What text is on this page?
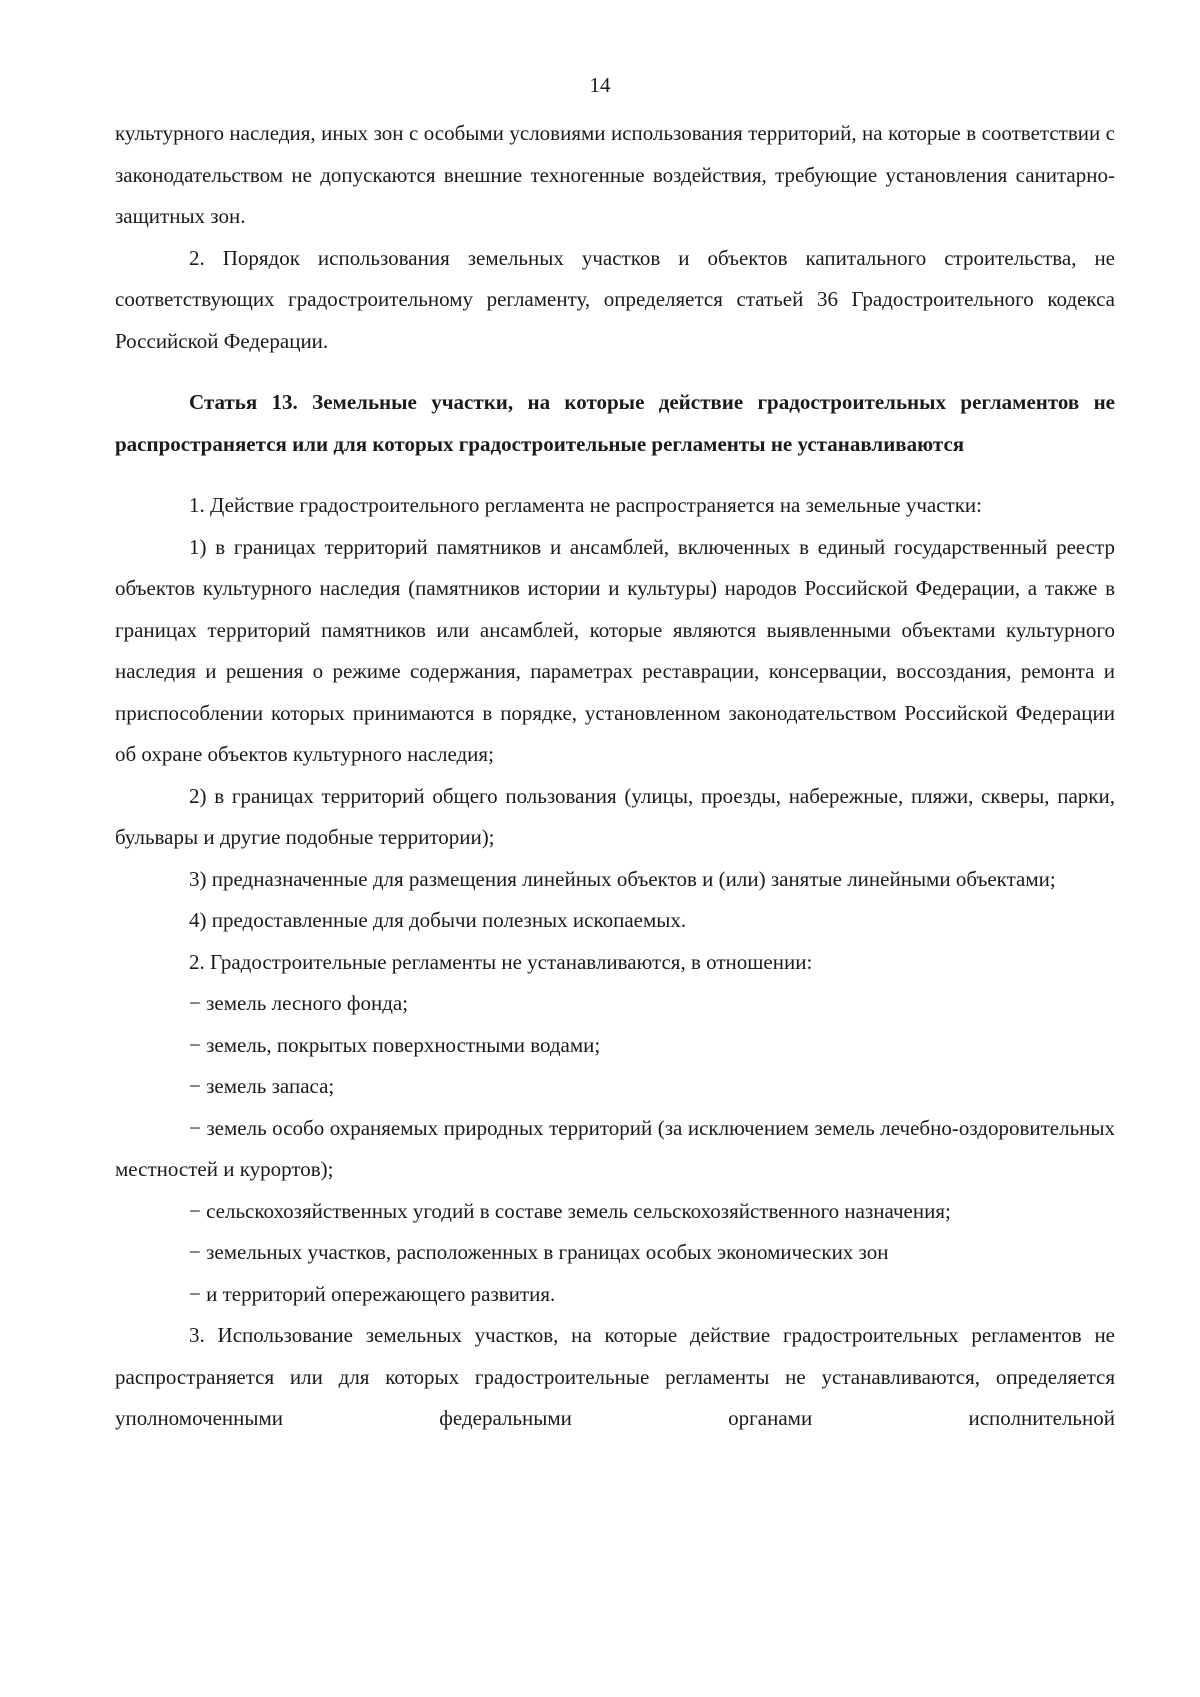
14

культурного наследия, иных зон с особыми условиями использования территорий, на которые в соответствии с законодательством не допускаются внешние техногенные воздействия, требующие установления санитарно-защитных зон.

2. Порядок использования земельных участков и объектов капитального строительства, не соответствующих градостроительному регламенту, определяется статьей 36 Градостроительного кодекса Российской Федерации.

Статья 13. Земельные участки, на которые действие градостроительных регламентов не распространяется или для которых градостроительные регламенты не устанавливаются

1. Действие градостроительного регламента не распространяется на земельные участки:

1) в границах территорий памятников и ансамблей, включенных в единый государственный реестр объектов культурного наследия (памятников истории и культуры) народов Российской Федерации, а также в границах территорий памятников или ансамблей, которые являются выявленными объектами культурного наследия и решения о режиме содержания, параметрах реставрации, консервации, воссоздания, ремонта и приспособлении которых принимаются в порядке, установленном законодательством Российской Федерации об охране объектов культурного наследия;

2) в границах территорий общего пользования (улицы, проезды, набережные, пляжи, скверы, парки, бульвары и другие подобные территории);

3) предназначенные для размещения линейных объектов и (или) занятые линейными объектами;

4) предоставленные для добычи полезных ископаемых.

2. Градостроительные регламенты не устанавливаются, в отношении:

− земель лесного фонда;

− земель, покрытых поверхностными водами;

− земель запаса;

− земель особо охраняемых природных территорий (за исключением земель лечебно-оздоровительных местностей и курортов);

− сельскохозяйственных угодий в составе земель сельскохозяйственного назначения;

− земельных участков, расположенных в границах особых экономических зон

− и территорий опережающего развития.

3. Использование земельных участков, на которые действие градостроительных регламентов не распространяется или для которых градостроительные регламенты не устанавливаются, определяется уполномоченными федеральными органами исполнительной
